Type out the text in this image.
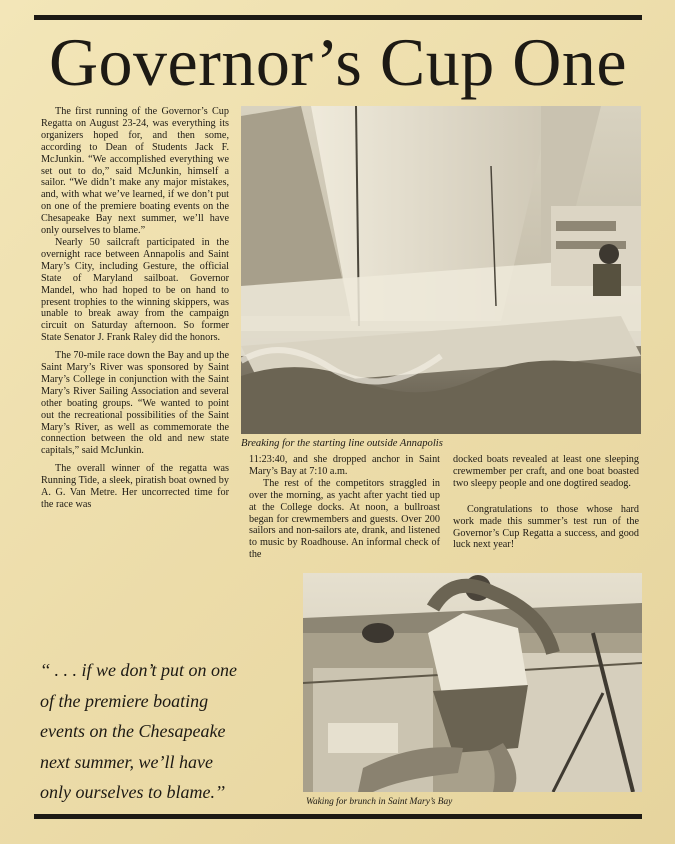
Governor’s Cup One

The first running of the Governor’s Cup Regatta on August 23-24, was everything its organizers hoped for, and then some, according to Dean of Students Jack F. McJunkin. “We accomplished everything we set out to do,” said McJunkin, himself a sailor. “We didn’t make any major mistakes, and, with what we’ve learned, if we don’t put on one of the premiere boating events on the Chesapeake Bay next summer, we’ll have only ourselves to blame.”

Nearly 50 sailcraft participated in the overnight race between Annapolis and Saint Mary’s City, including Gesture, the official State of Maryland sailboat. Governor Mandel, who had hoped to be on hand to present trophies to the winning skippers, was unable to break away from the campaign circuit on Saturday afternoon. So former State Senator J. Frank Raley did the honors.

The 70-mile race down the Bay and up the Saint Mary’s River was sponsored by Saint Mary’s College in conjunction with the Saint Mary’s River Sailing Association and several other boating groups. “We wanted to point out the recreational possibilities of the Saint Mary’s River, as well as commemorate the connection between the old and new state capitals,” said McJunkin.

The overall winner of the regatta was Running Tide, a sleek, piratish boat owned by A. G. Van Metre. Her uncorrected time for the race was

Breaking for the starting line outside Annapolis

11:23:40, and she dropped anchor in Saint Mary’s Bay at 7:10 a.m.

The rest of the competitors straggled in over the morning, as yacht after yacht tied up at the College docks. At noon, a bullroast began for crewmembers and guests. Over 200 sailors and non-sailors ate, drank, and listened to music by Roadhouse. An informal check of the

docked boats revealed at least one sleeping crewmember per craft, and one boat boasted two sleepy people and one dogtired seadog.

Congratulations to those whose hard work made this summer’s test run of the Governor’s Cup Regatta a success, and good luck next year!

Waking for brunch in Saint Mary’s Bay
‘‘ . . . if we don’t put on one
of the premiere boating
events on the Chesapeake
next summer, we’ll have
only ourselves to blame.’’
